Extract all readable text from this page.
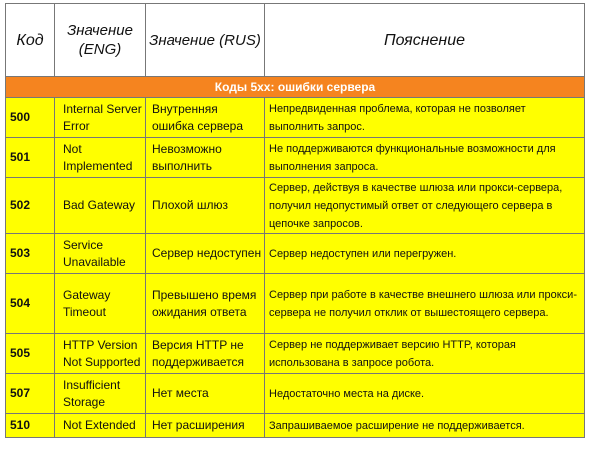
Код	Значение (ENG)	Значение (RUS)	Пояснение
Коды 5хх: ошибки сервера			
500	Internal Server Error	Внутренняя ошибка сервера	Непредвиденная проблема, которая не позволяет выполнить запрос.
501	Not Implemented	Невозможно выполнить	Не поддерживаются функциональные возможности для выполнения запроса.
502	Bad Gateway	Плохой шлюз	Сервер, действуя в качестве шлюза или прокси-сервера, получил недопустимый ответ от следующего сервера в цепочке запросов.
503	Service Unavailable	Сервер недоступен	Сервер недоступен или перегружен.
504	Gateway Timeout	Превышено время ожидания ответа	Сервер при работе в качестве внешнего шлюза или прокси-сервера не получил отклик от вышестоящего сервера.
505	HTTP Version Not Supported	Версия HTTP не поддерживается	Сервер не поддерживает версию HTTP, которая использована в запросе робота.
507	Insufficient Storage	Нет места	Недостаточно места на диске.
510	Not Extended	Нет расширения	Запрашиваемое расширение не поддерживается.
